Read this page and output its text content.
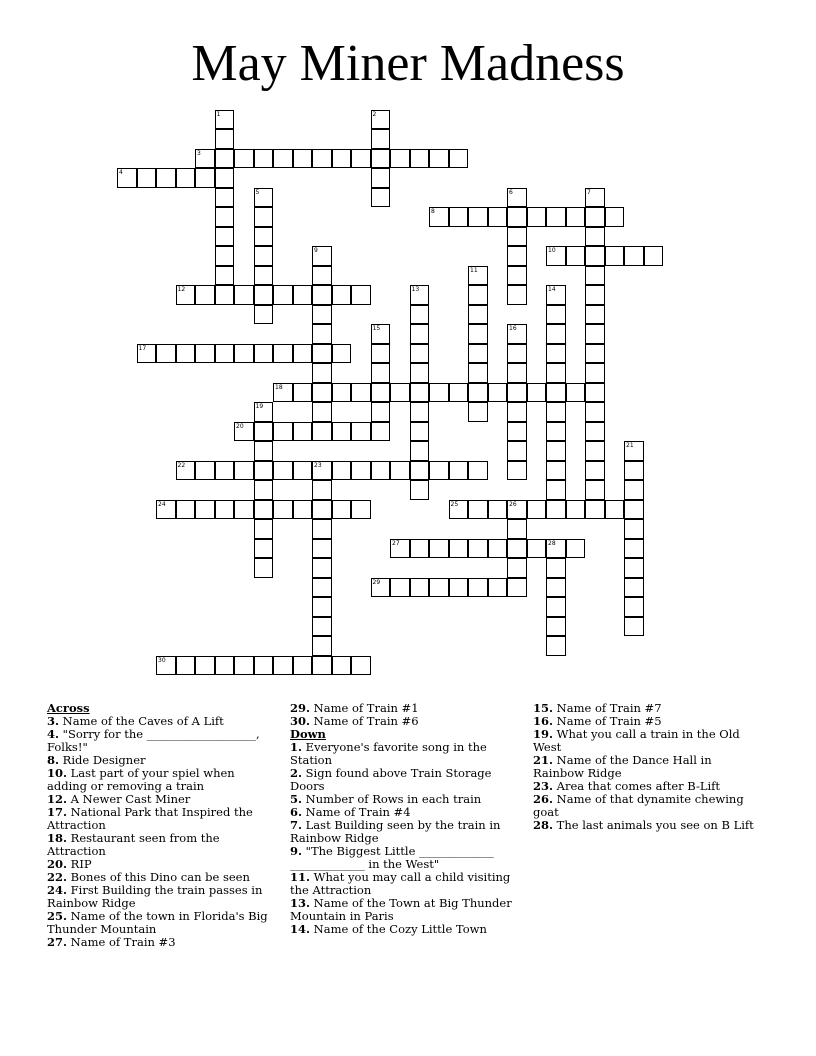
May Miner Madness
1	2
3
4
5	6	7
8
9	10
11
12	13	14
15	16
17
18
19
20
21
22	23
24	25	26
27	28
29
30
Across
3. Name of the Caves of A Lift
4. "Sorry for the ___________________, Folks!"
8. Ride Designer
10. Last part of your spiel when adding or removing a train
12. A Newer Cast Miner
17. National Park that Inspired the Attraction
18. Restaurant seen from the Attraction
20. RIP
22. Bones of this Dino can be seen
24. First Building the train passes in Rainbow Ridge
25. Name of the town in Florida's Big Thunder Mountain
27. Name of Train #3
29. Name of Train #1
30. Name of Train #6
Down
1. Everyone's favorite song in the Station
2. Sign found above Train Storage Doors
5. Number of Rows in each train
6. Name of Train #4
7. Last Building seen by the train in Rainbow Ridge
9. "The Biggest Little _____________ _____________ in the West"
11. What you may call a child visiting the Attraction
13. Name of the Town at Big Thunder Mountain in Paris
14. Name of the Cozy Little Town
15. Name of Train #7
16. Name of Train #5
19. What you call a train in the Old West
21. Name of the Dance Hall in Rainbow Ridge
23. Area that comes after B-Lift
26. Name of that dynamite chewing goat
28. The last animals you see on B Lift
